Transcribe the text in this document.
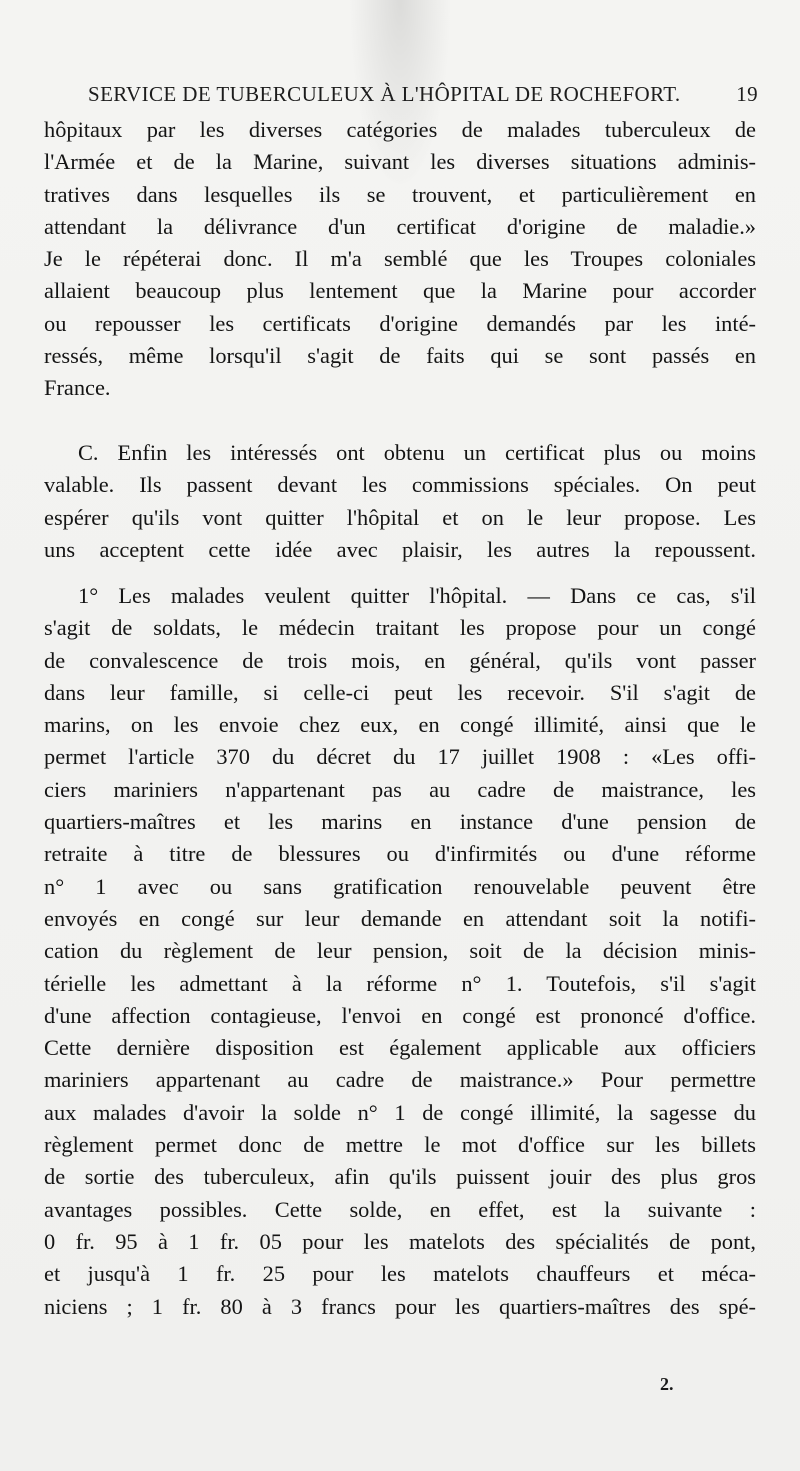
SERVICE DE TUBERCULEUX À L'HÔPITAL DE ROCHEFORT.	19
hôpitaux par les diverses catégories de malades tuberculeux de
l'Armée et de la Marine, suivant les diverses situations adminis-
tratives dans lesquelles ils se trouvent, et particulièrement en
attendant la délivrance d'un certificat d'origine de maladie.»
Je le répéterai donc. Il m'a semblé que les Troupes coloniales
allaient beaucoup plus lentement que la Marine pour accorder
ou repousser les certificats d'origine demandés par les inté-
ressés, même lorsqu'il s'agit de faits qui se sont passés en
France.
C. Enfin les intéressés ont obtenu un certificat plus ou moins
valable. Ils passent devant les commissions spéciales. On peut
espérer qu'ils vont quitter l'hôpital et on le leur propose. Les
uns acceptent cette idée avec plaisir, les autres la repoussent.
1° Les malades veulent quitter l'hôpital. — Dans ce cas, s'il
s'agit de soldats, le médecin traitant les propose pour un congé
de convalescence de trois mois, en général, qu'ils vont passer
dans leur famille, si celle-ci peut les recevoir. S'il s'agit de
marins, on les envoie chez eux, en congé illimité, ainsi que le
permet l'article 370 du décret du 17 juillet 1908 : «Les offi-
ciers mariniers n'appartenant pas au cadre de maistrance, les
quartiers-maîtres et les marins en instance d'une pension de
retraite à titre de blessures ou d'infirmités ou d'une réforme
n° 1 avec ou sans gratification renouvelable peuvent être
envoyés en congé sur leur demande en attendant soit la notifi-
cation du règlement de leur pension, soit de la décision minis-
térielle les admettant à la réforme n° 1. Toutefois, s'il s'agit
d'une affection contagieuse, l'envoi en congé est prononcé d'office.
Cette dernière disposition est également applicable aux officiers
mariniers appartenant au cadre de maistrance.» Pour permettre
aux malades d'avoir la solde n° 1 de congé illimité, la sagesse du
règlement permet donc de mettre le mot d'office sur les billets
de sortie des tuberculeux, afin qu'ils puissent jouir des plus gros
avantages possibles. Cette solde, en effet, est la suivante :
0 fr. 95 à 1 fr. 05 pour les matelots des spécialités de pont,
et jusqu'à 1 fr. 25 pour les matelots chauffeurs et méca-
niciens ; 1 fr. 80 à 3 francs pour les quartiers-maîtres des spé-
2.
